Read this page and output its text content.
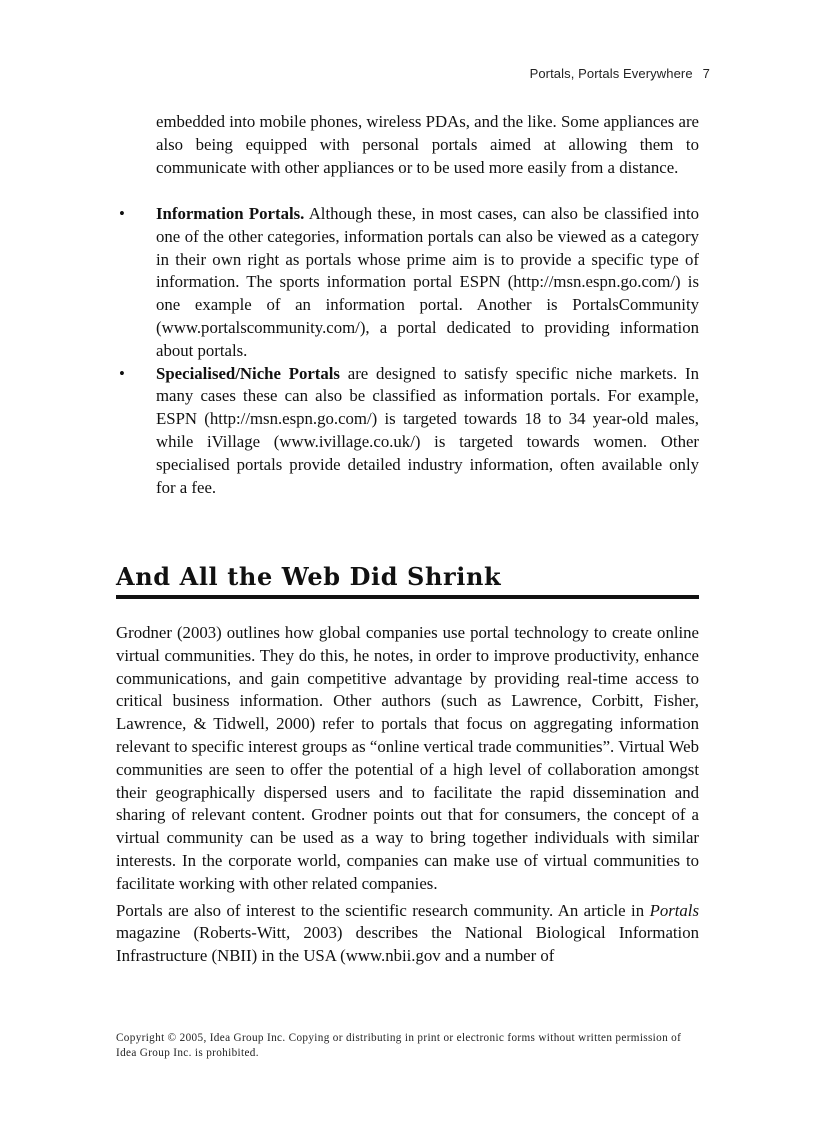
Portals, Portals Everywhere 7
embedded into mobile phones, wireless PDAs, and the like. Some appliances are also being equipped with personal portals aimed at allowing them to communicate with other appliances or to be used more easily from a distance.
• Information Portals. Although these, in most cases, can also be classified into one of the other categories, information portals can also be viewed as a category in their own right as portals whose prime aim is to provide a specific type of information. The sports information portal ESPN (http://msn.espn.go.com/) is one example of an information portal. Another is PortalsCommunity (www.portalscommunity.com/), a portal dedicated to providing information about portals.
• Specialised/Niche Portals are designed to satisfy specific niche markets. In many cases these can also be classified as information portals. For example, ESPN (http://msn.espn.go.com/) is targeted towards 18 to 34 year-old males, while iVillage (www.ivillage.co.uk/) is targeted towards women. Other specialised portals provide detailed industry information, often available only for a fee.
And All the Web Did Shrink

Grodner (2003) outlines how global companies use portal technology to create online virtual communities. They do this, he notes, in order to improve productivity, enhance communications, and gain competitive advantage by providing real-time access to critical business information. Other authors (such as Lawrence, Corbitt, Fisher, Lawrence, & Tidwell, 2000) refer to portals that focus on aggregating information relevant to specific interest groups as “online vertical trade communities”. Virtual Web communities are seen to offer the potential of a high level of collaboration amongst their geographically dispersed users and to facilitate the rapid dissemination and sharing of relevant content. Grodner points out that for consumers, the concept of a virtual community can be used as a way to bring together individuals with similar interests. In the corporate world, companies can make use of virtual communities to facilitate working with other related companies.

Portals are also of interest to the scientific research community. An article in Portals magazine (Roberts-Witt, 2003) describes the National Biological Information Infrastructure (NBII) in the USA (www.nbii.gov and a number of

Copyright © 2005, Idea Group Inc. Copying or distributing in print or electronic forms without written permission of Idea Group Inc. is prohibited.
